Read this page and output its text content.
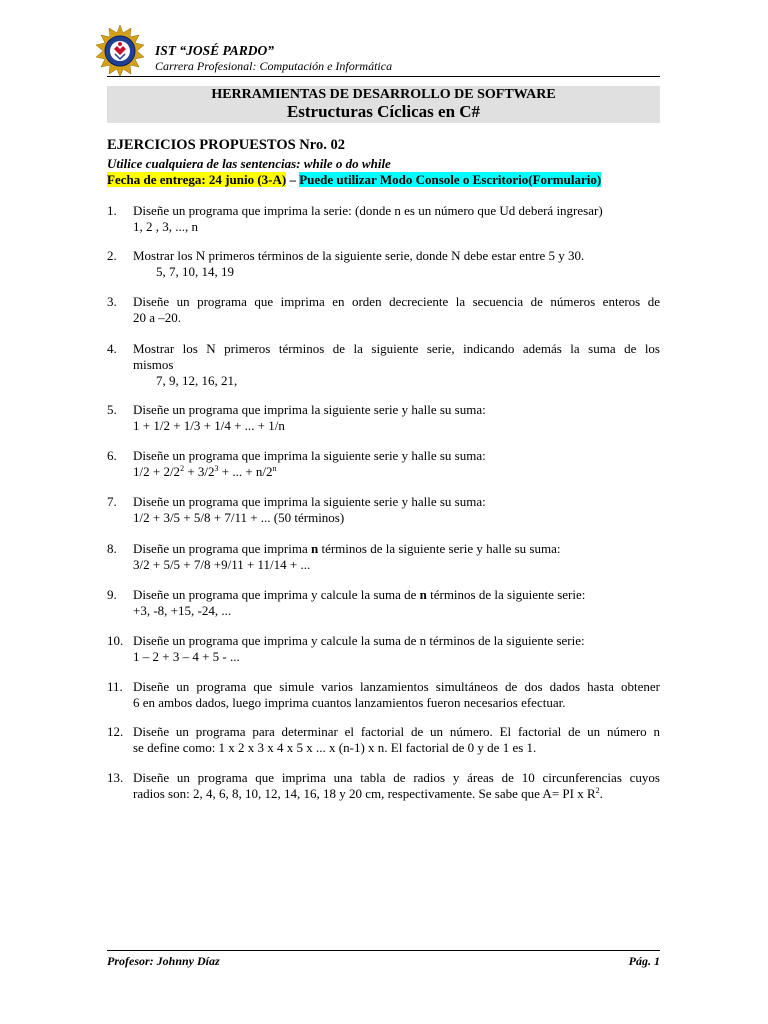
IST “JOSÉ PARDO”
Carrera Profesional: Computación e Informática
HERRAMIENTAS DE DESARROLLO DE SOFTWARE
Estructuras Cíclicas en C#
EJERCICIOS PROPUESTOS Nro. 02
Utilice cualquiera de las sentencias: while o do while
Fecha de entrega: 24 junio (3-A) – Puede utilizar Modo Console o Escritorio(Formulario)
1. Diseñe un programa que imprima la serie: (donde n es un número que Ud deberá ingresar)
1, 2 , 3, ..., n
2. Mostrar los N primeros términos de la siguiente serie, donde N debe estar entre 5 y 30.
5, 7, 10, 14, 19
3. Diseñe un programa que imprima en orden decreciente la secuencia de números enteros de
20 a –20.
4. Mostrar los N primeros términos de la siguiente serie, indicando además la suma de los
mismos
7, 9, 12, 16, 21,
5. Diseñe un programa que imprima la siguiente serie y halle su suma:
1 + 1/2 + 1/3 + 1/4 + ... + 1/n
6. Diseñe un programa que imprima la siguiente serie y halle su suma:
$1/2 + 2/2^2 + 3/2^3$ + ... + $n/2^n$
7. Diseñe un programa que imprima la siguiente serie y halle su suma:
1/2 + 3/5 + 5/8 + 7/11 + ... (50 términos)
8. Diseñe un programa que imprima n términos de la siguiente serie y halle su suma:
3/2 + 5/5 + 7/8 +9/11 + 11/14 + ...
9. Diseñe un programa que imprima y calcule la suma de n términos de la siguiente serie:
+3, -8, +15, -24, ...
10. Diseñe un programa que imprima y calcule la suma de n términos de la siguiente serie:
1 – 2 + 3 – 4 + 5 - ...
11. Diseñe un programa que simule varios lanzamientos simultáneos de dos dados hasta obtener
6 en ambos dados, luego imprima cuantos lanzamientos fueron necesarios efectuar.
12. Diseñe un programa para determinar el factorial de un número. El factorial de un número n
se define como: 1 x 2 x 3 x 4 x 5 x ... x (n-1) x n. El factorial de 0 y de 1 es 1.
13. Diseñe un programa que imprima una tabla de radios y áreas de 10 circunferencias cuyos
radios son: 2, 4, 6, 8, 10, 12, 14, 16, 18 y 20 cm, respectivamente. Se sabe que A= PI x $R^2$.
Profesor: Johnny Díaz	Pág. 1
